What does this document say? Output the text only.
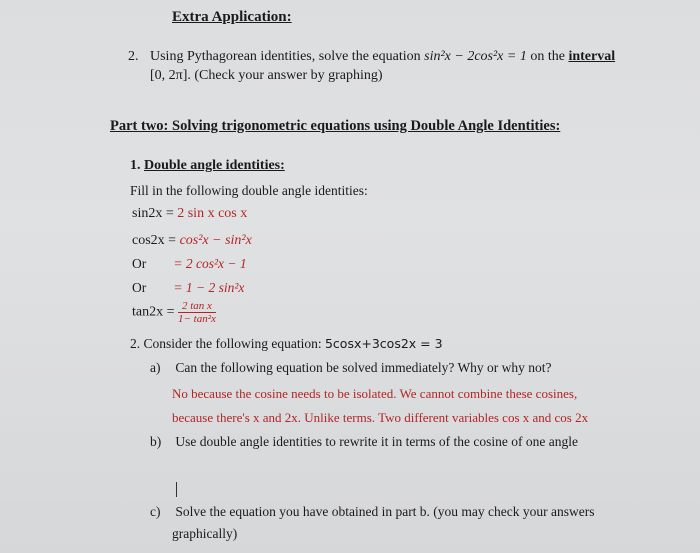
Extra Application:
2. Using Pythagorean identities, solve the equation sin²x − 2cos²x = 1 on the interval
[0, 2π]. (Check your answer by graphing)
Part two: Solving trigonometric equations using Double Angle Identities:
1. Double angle identities:
Fill in the following double angle identities:
sin2x = 2 sin x cos x
cos2x = cos²x − sin²x
Or = 2 cos²x − 1
Or = 1 − 2 sin²x
$\tan 2x = \frac{\text{2 tan x}}{\text{1− tan²x}}$
2. Consider the following equation: 5cosx+3cos2x = 3
a) Can the following equation be solved immediately? Why or why not?
No because the cosine needs to be isolated. We cannot combine these cosines,
because there's x and 2x. Unlike terms. Two different variables cos x and cos 2x
b) Use double angle identities to rewrite it in terms of the cosine of one angle
c) Solve the equation you have obtained in part b. (you may check your answers
graphically)
